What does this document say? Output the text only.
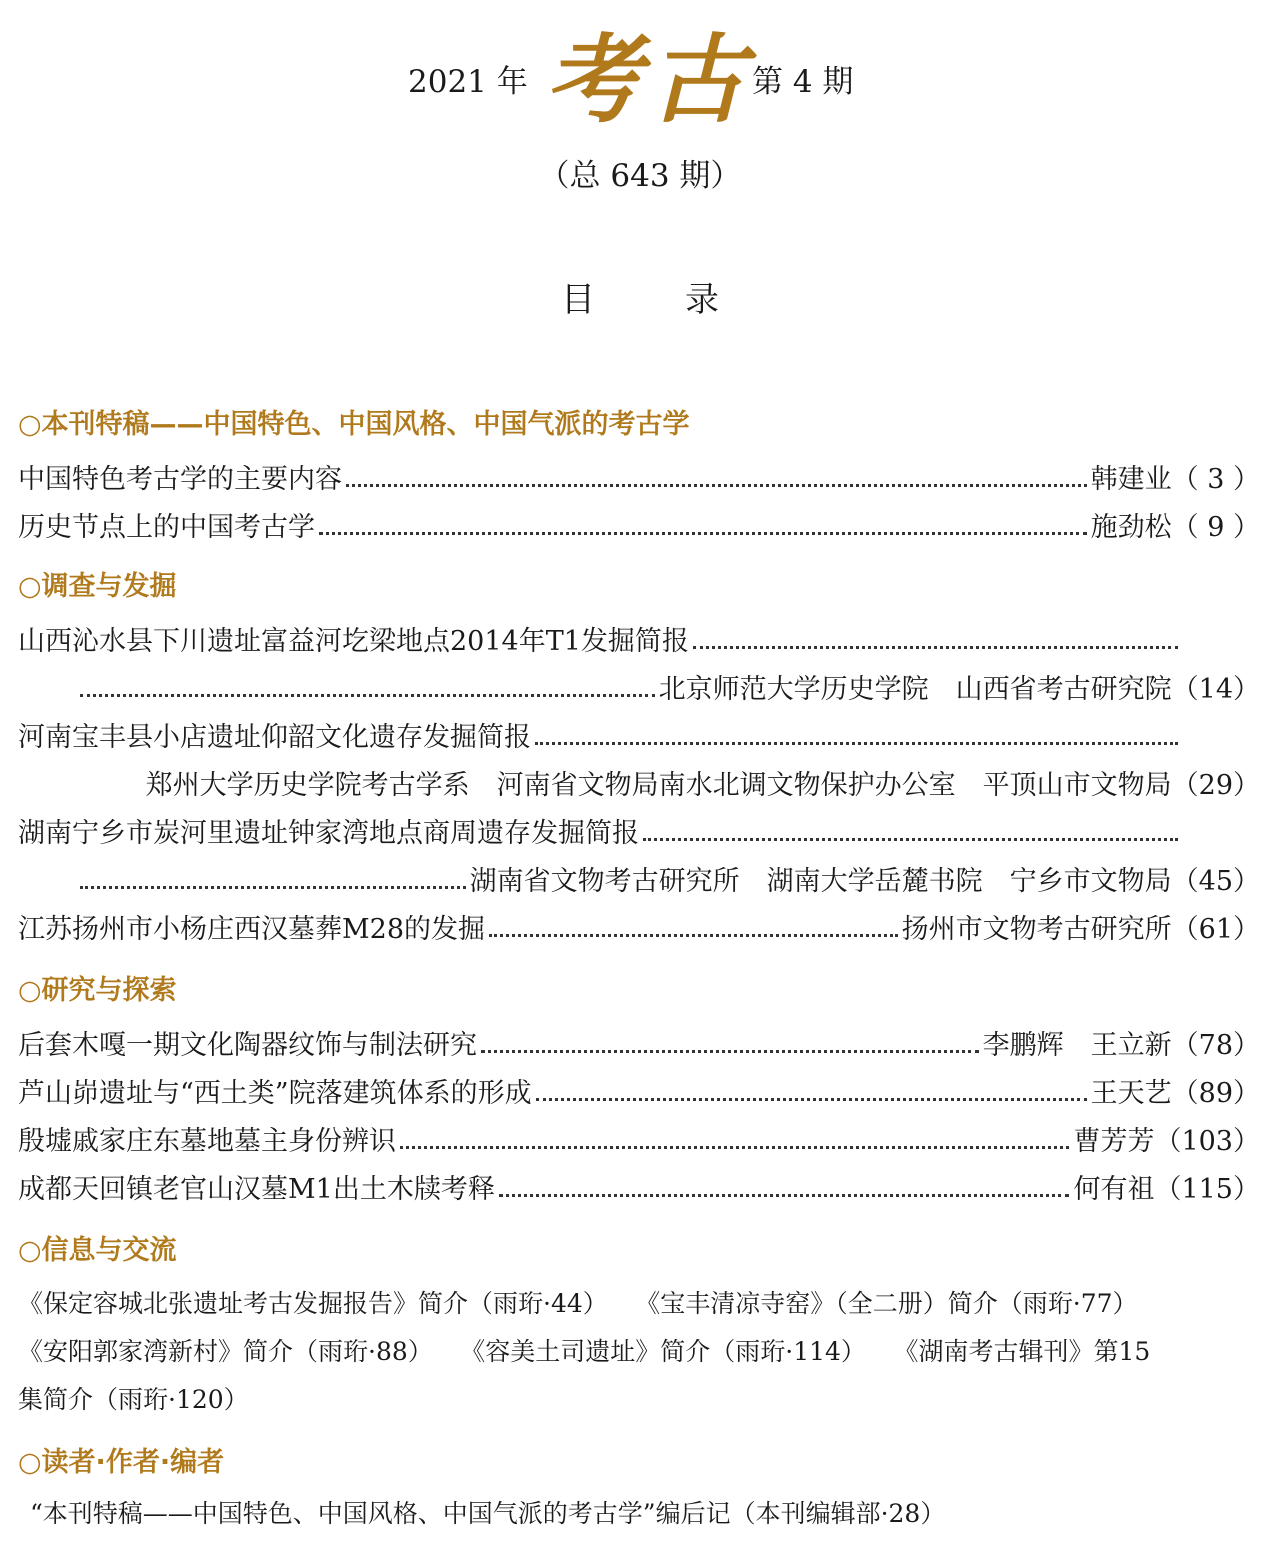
2021 年 考古 第 4 期
（总 643 期）
目录
○本刊特稿——中国特色、中国风格、中国气派的考古学
中国特色考古学的主要内容	韩建业（ 3 ）
历史节点上的中国考古学	施劲松（ 9 ）
○调查与发掘
山西沁水县下川遗址富益河圪梁地点2014年T1发掘简报
北京师范大学历史学院　山西省考古研究院（14）
河南宝丰县小店遗址仰韶文化遗存发掘简报
郑州大学历史学院考古学系　河南省文物局南水北调文物保护办公室　平顶山市文物局（29）
湖南宁乡市炭河里遗址钟家湾地点商周遗存发掘简报
湖南省文物考古研究所　湖南大学岳麓书院　宁乡市文物局（45）
江苏扬州市小杨庄西汉墓葬M28的发掘	扬州市文物考古研究所（61）
○研究与探索
后套木嘎一期文化陶器纹饰与制法研究	李鹏辉　王立新（78）
芦山峁遗址与“西土类”院落建筑体系的形成	王天艺（89）
殷墟戚家庄东墓地墓主身份辨识	曹芳芳（103）
成都天回镇老官山汉墓M1出土木牍考释	何有祖（115）
○信息与交流
《保定容城北张遗址考古发掘报告》简介（雨珩·44） 《宝丰清凉寺窑》（全二册）简介（雨珩·77）
《安阳郭家湾新村》简介（雨珩·88） 《容美土司遗址》简介（雨珩·114） 《湖南考古辑刊》第15
集简介（雨珩·120）
○读者·作者·编者
“本刊特稿——中国特色、中国风格、中国气派的考古学”编后记（本刊编辑部·28）
